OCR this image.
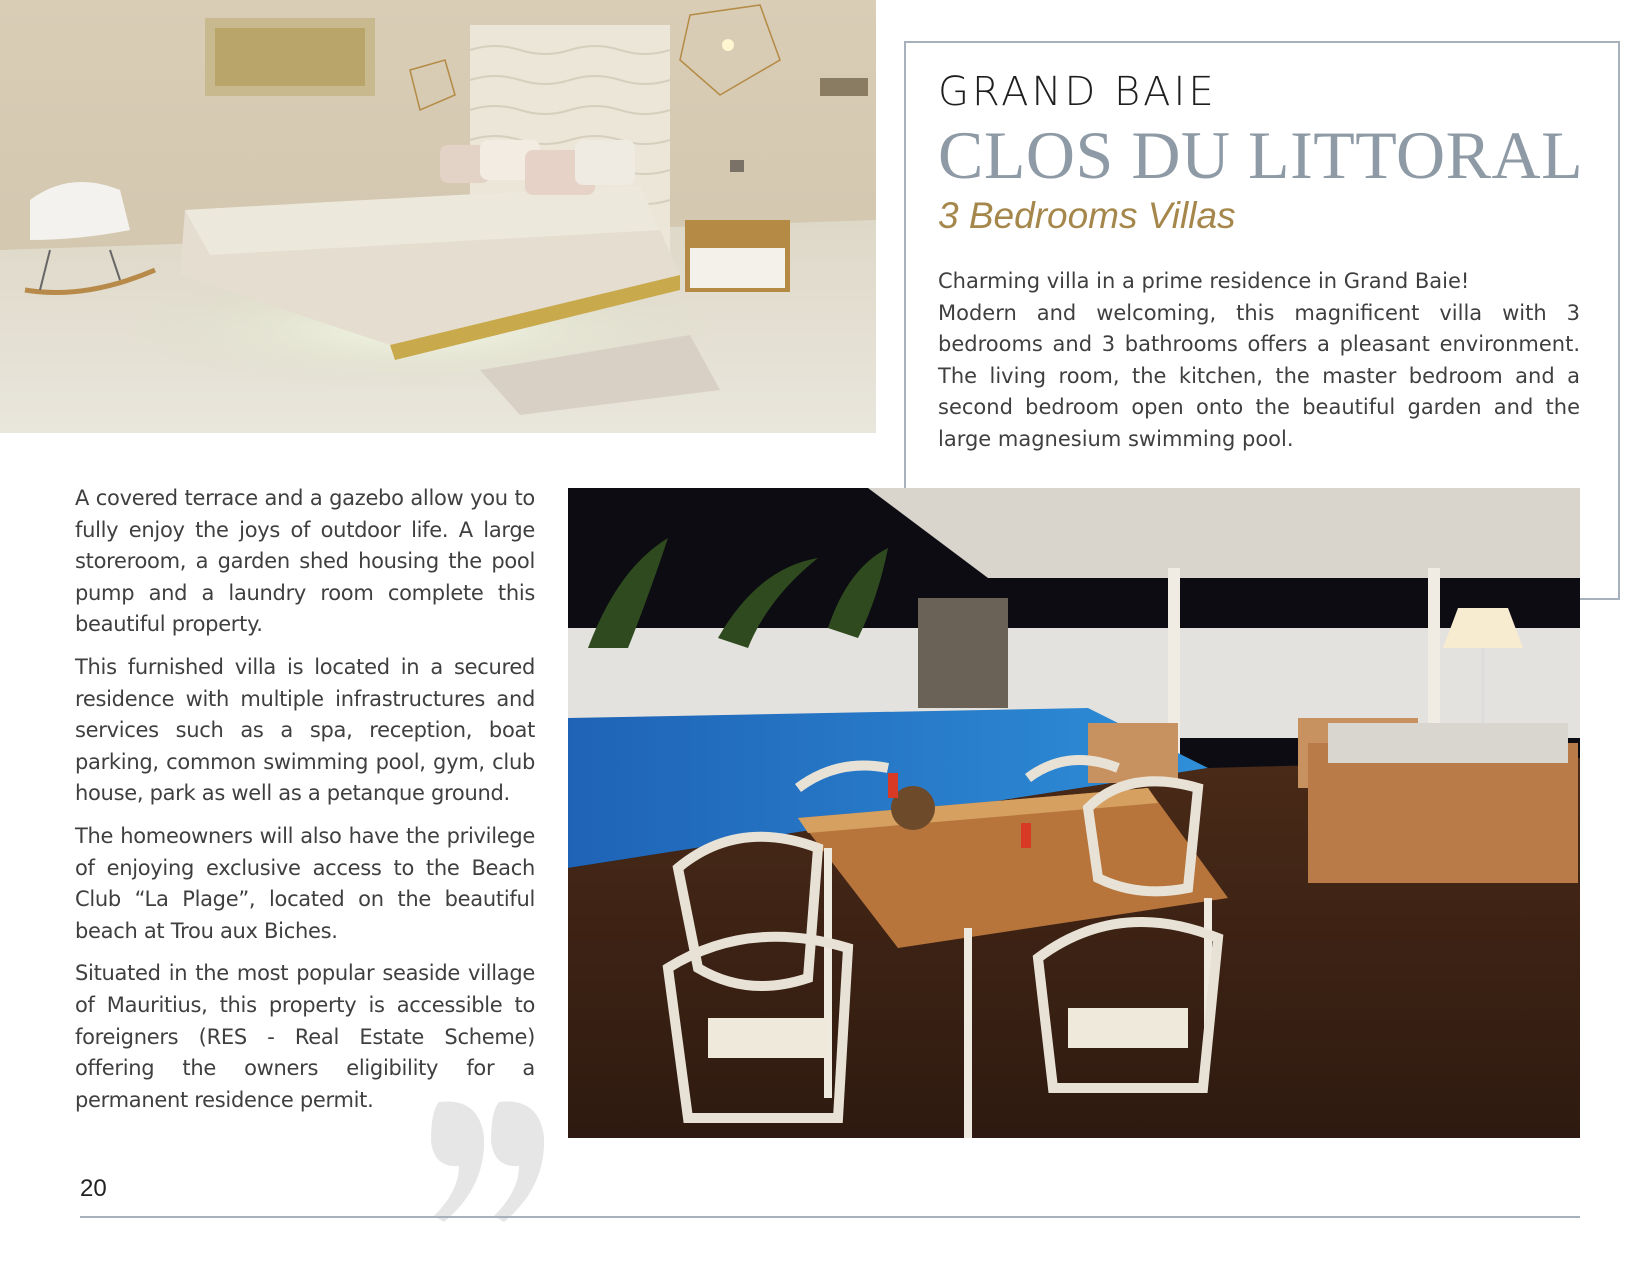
GRAND BAIE
CLOS DU LITTORAL
3 Bedrooms Villas

Charming villa in a prime residence in Grand Baie!

Modern and welcoming, this magnificent villa with 3 bedrooms and 3 bathrooms offers a pleasant environment. The living room, the kitchen, the master bedroom and a second bedroom open onto the beautiful garden and the large magnesium swimming pool.

A covered terrace and a gazebo allow you to fully enjoy the joys of outdoor life. A large storeroom, a garden shed housing the pool pump and a laundry room complete this beautiful property.

This furnished villa is located in a secured residence with multiple infrastructures and services such as a spa, reception, boat parking, common swimming pool, gym, club house, park as well as a petanque ground.

The homeowners will also have the privilege of enjoying exclusive access to the Beach Club “La Plage”, located on the beautiful beach at Trou aux Biches.

Situated in the most popular seaside village of Mauritius, this property is accessible to foreigners (RES - Real Estate Scheme) offering the owners eligibility for a permanent residence permit.

20
